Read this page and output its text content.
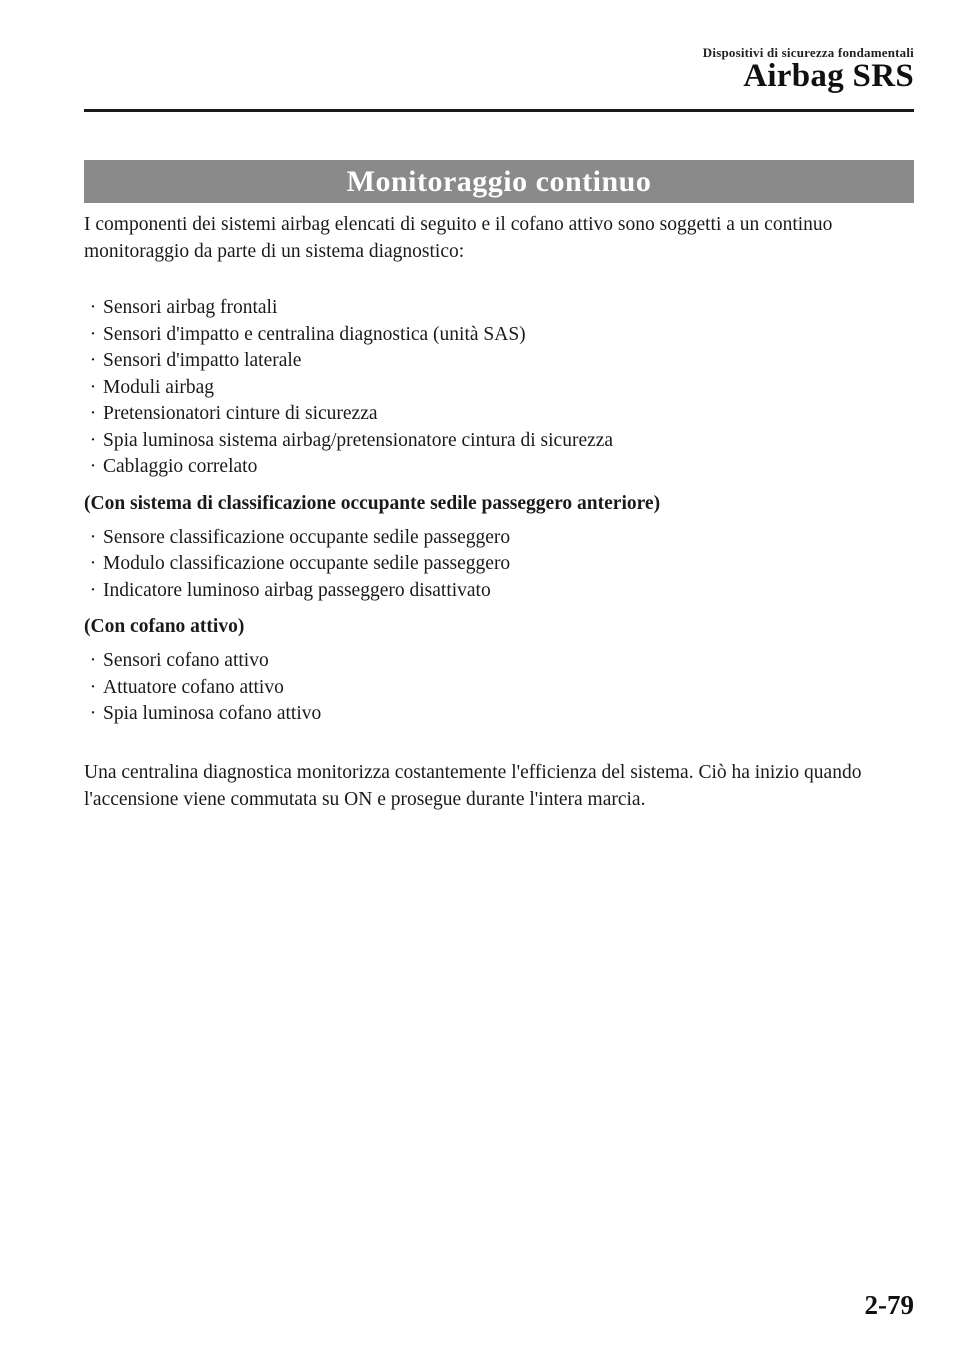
Dispositivi di sicurezza fondamentali
Airbag SRS
Monitoraggio continuo

I componenti dei sistemi airbag elencati di seguito e il cofano attivo sono soggetti a un continuo monitoraggio da parte di un sistema diagnostico:

· Sensori airbag frontali
· Sensori d'impatto e centralina diagnostica (unità SAS)
· Sensori d'impatto laterale
· Moduli airbag
· Pretensionatori cinture di sicurezza
· Spia luminosa sistema airbag/pretensionatore cintura di sicurezza
· Cablaggio correlato

(Con sistema di classificazione occupante sedile passeggero anteriore)

· Sensore classificazione occupante sedile passeggero
· Modulo classificazione occupante sedile passeggero
· Indicatore luminoso airbag passeggero disattivato

(Con cofano attivo)

· Sensori cofano attivo
· Attuatore cofano attivo
· Spia luminosa cofano attivo

Una centralina diagnostica monitorizza costantemente l'efficienza del sistema. Ciò ha inizio quando l'accensione viene commutata su ON e prosegue durante l'intera marcia.

2-79
